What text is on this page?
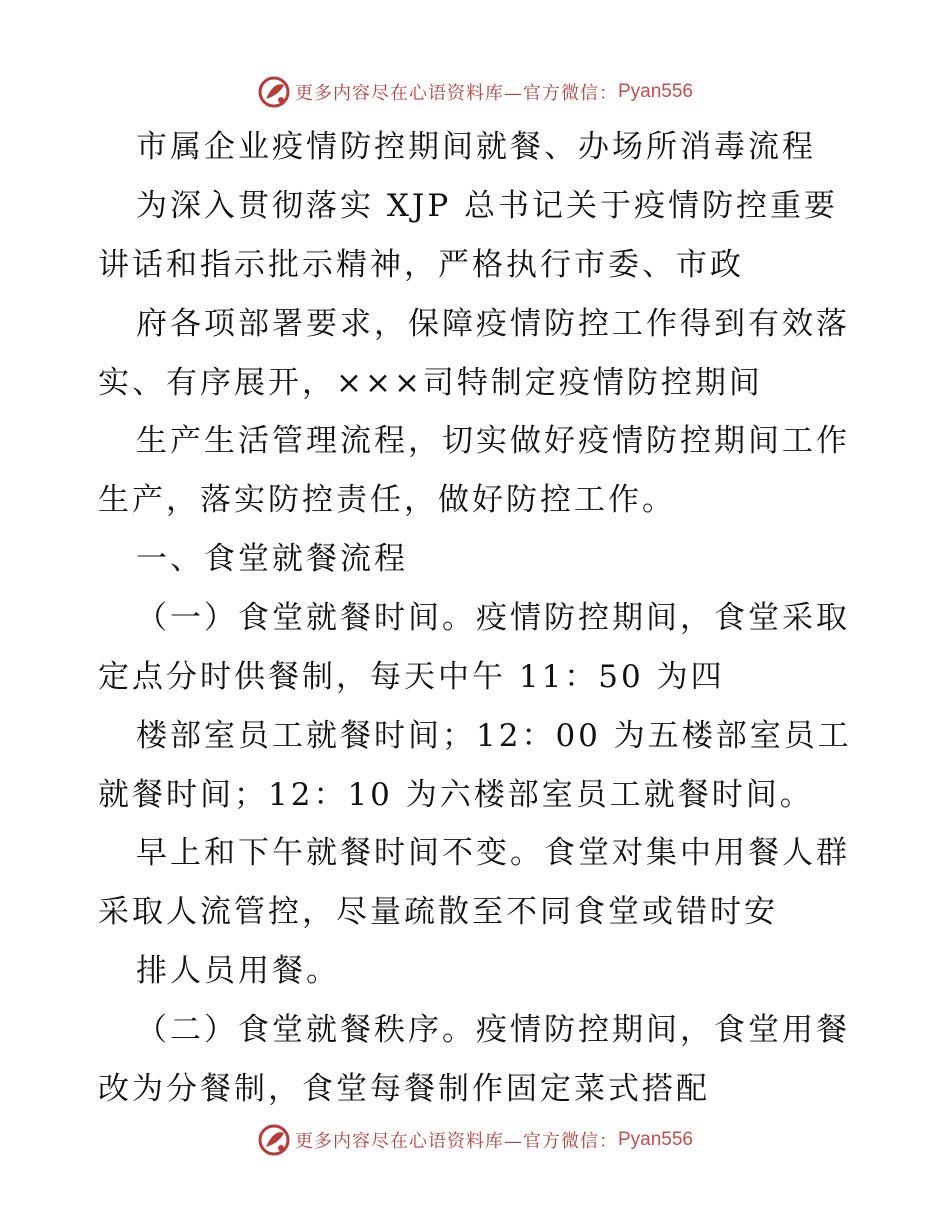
更多内容尽在心语资料库—官方微信： Pyan556
市属企业疫情防控期间就餐、办场所消毒流程
为深入贯彻落实 XJP 总书记关于疫情防控重要
讲话和指示批示精神，严格执行市委、市政
府各项部署要求，保障疫情防控工作得到有效落
实、有序展开，×××司特制定疫情防控期间
生产生活管理流程，切实做好疫情防控期间工作
生产，落实防控责任，做好防控工作。
一、食堂就餐流程
（一）食堂就餐时间。疫情防控期间，食堂采取
定点分时供餐制，每天中午 11：50 为四
楼部室员工就餐时间；12：00 为五楼部室员工
就餐时间；12：10 为六楼部室员工就餐时间。
早上和下午就餐时间不变。食堂对集中用餐人群
采取人流管控，尽量疏散至不同食堂或错时安
排人员用餐。
（二）食堂就餐秩序。疫情防控期间，食堂用餐
改为分餐制，食堂每餐制作固定菜式搭配
更多内容尽在心语资料库—官方微信： Pyan556
